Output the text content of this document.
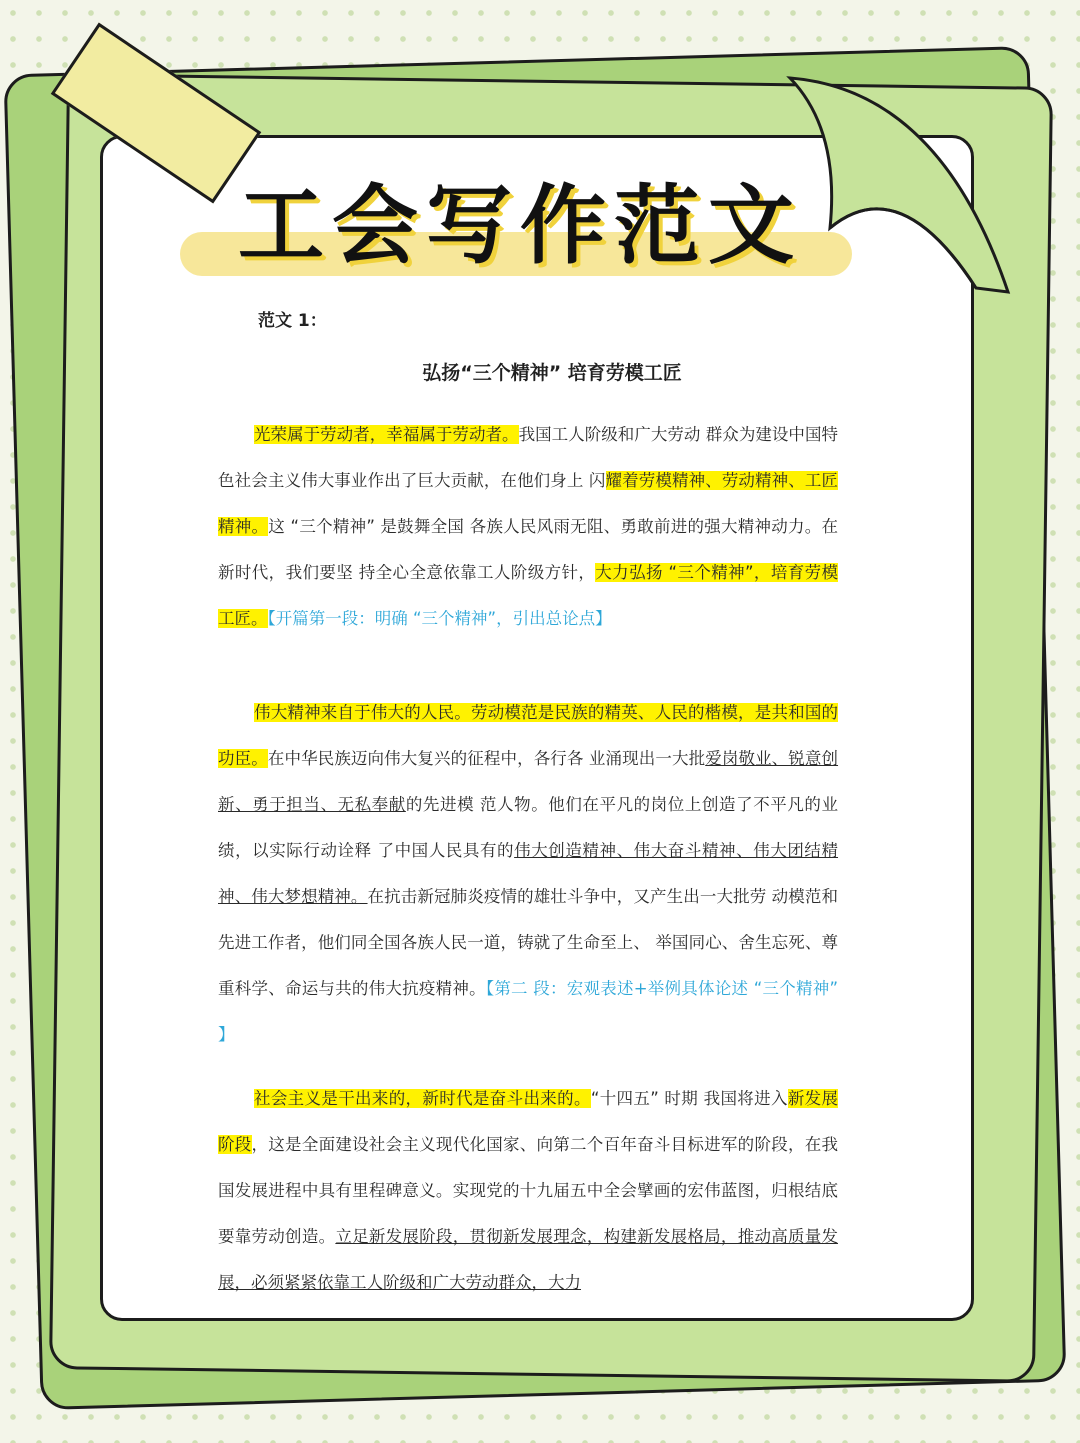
工会写作范文
范文 1：
弘扬“三个精神” 培育劳模工匠
光荣属于劳动者，幸福属于劳动者。我国工人阶级和广大劳动 群众为建设中国特色社会主义伟大事业作出了巨大贡献，在他们身上 闪耀着劳模精神、劳动精神、工匠精神。这 “三个精神” 是鼓舞全国 各族人民风雨无阻、勇敢前进的强大精神动力。在新时代，我们要坚 持全心全意依靠工人阶级方针，大力弘扬 “三个精神”，培育劳模工匠。【开篇第一段：明确 “三个精神”，引出总论点】
伟大精神来自于伟大的人民。劳动模范是民族的精英、人民的楷模，是共和国的功臣。在中华民族迈向伟大复兴的征程中，各行各 业涌现出一大批爱岗敬业、锐意创新、勇于担当、无私奉献的先进模 范人物。他们在平凡的岗位上创造了不平凡的业绩，以实际行动诠释 了中国人民具有的伟大创造精神、伟大奋斗精神、伟大团结精神、伟大梦想精神。在抗击新冠肺炎疫情的雄壮斗争中，又产生出一大批劳 动模范和先进工作者，他们同全国各族人民一道，铸就了生命至上、 举国同心、舍生忘死、尊重科学、命运与共的伟大抗疫精神。【第二 段：宏观表述+举例具体论述 “三个精神” 】
社会主义是干出来的，新时代是奋斗出来的。“十四五” 时期 我国将进入新发展阶段，这是全面建设社会主义现代化国家、向第二个百年奋斗目标进军的阶段，在我国发展进程中具有里程碑意义。实现党的十九届五中全会擘画的宏伟蓝图，归根结底要靠劳动创造。立足新发展阶段，贯彻新发展理念，构建新发展格局，推动高质量发展，必须紧紧依靠工人阶级和广大劳动群众，大力
